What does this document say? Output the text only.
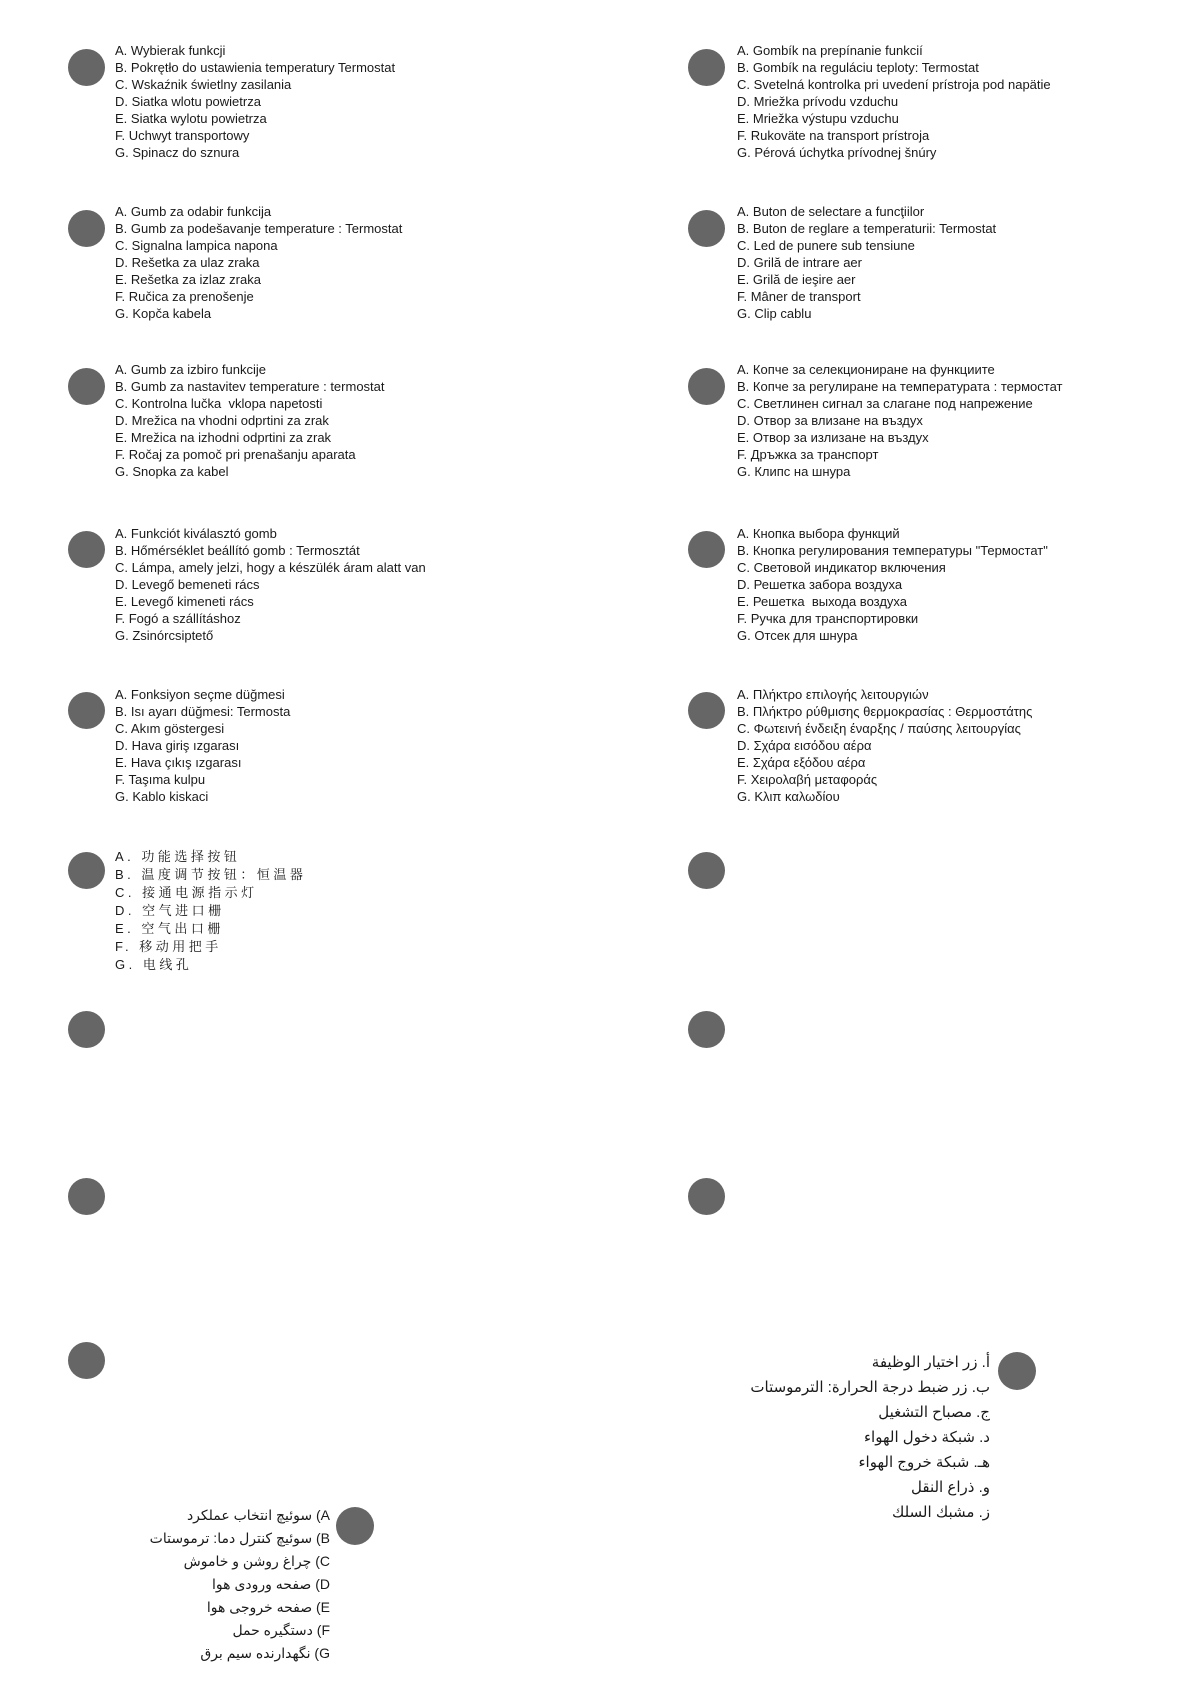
A. Wybierak funkcji
B. Pokrętło do ustawienia temperatury Termostat
C. Wskaźnik świetlny zasilania
D. Siatka wlotu powietrza
E. Siatka wylotu powietrza
F. Uchwyt transportowy
G. Spinacz do sznura
A. Gumb za odabir funkcija
B. Gumb za podešavanje temperature : Termostat
C. Signalna lampica napona
D. Rešetka za ulaz zraka
E. Rešetka za izlaz zraka
F. Ručica za prenošenje
G. Kopča kabela
A. Gumb za izbiro funkcije
B. Gumb za nastavitev temperature : termostat
C. Kontrolna lučka  vklopa napetosti
D. Mrežica na vhodni odprtini za zrak
E. Mrežica na izhodni odprtini za zrak
F. Ročaj za pomoč pri prenašanju aparata
G. Snopka za kabel
A. Funkciót kiválasztó gomb
B. Hőmérséklet beállító gomb : Termosztát
C. Lámpa, amely jelzi, hogy a készülék áram alatt van
D. Levegő bemeneti rács
E. Levegő kimeneti rács
F. Fogó a szállításhoz
G. Zsinórcsiptető
A. Fonksiyon seçme düğmesi
B. Isı ayarı düğmesi: Termosta
C. Akım göstergesi
D. Hava giriş ızgarası
E. Hava çıkış ızgarası
F. Taşıma kulpu
G. Kablo kiskaci
A. 功能选择按钮
B. 温度调节按钮：恒温器
C. 接通电源指示灯
D. 空气进口栅
E. 空气出口栅
F. 移动用把手
G. 电线孔
A. Gombík na prepínanie funkcií
B. Gombík na reguláciu teploty: Termostat
C. Svetelná kontrolka pri uvedení prístroja pod napätie
D. Mriežka prívodu vzduchu
E. Mriežka výstupu vzduchu
F. Rukoväte na transport prístroja
G. Pérová úchytka prívodnej šnúry
A. Buton de selectare a funcţiilor
B. Buton de reglare a temperaturii: Termostat
C. Led de punere sub tensiune
D. Grilă de intrare aer
E. Grilă de ieşire aer
F. Mâner de transport
G. Clip cablu
A. Копче за селекциониране на функциите
B. Копче за регулиране на температурата : термостат
C. Светлинен сигнал за слагане под напрежение
D. Отвор за влизане на въздух
E. Отвор за излизане на въздух
F. Дръжка за транспорт
G. Клипс на шнура
A. Кнопка выбора функций
B. Кнопка регулирования температуры "Термостат"
C. Световой индикатор включения
D. Решетка забора воздуха
E. Решетка  выхода воздуха
F. Ручка для транспортировки
G. Отсек для шнура
A. Πλήκτρο επιλογής λειτουργιών
B. Πλήκτρο ρύθμισης θερμοκρασίας : Θερμοστάτης
C. Φωτεινή ένδειξη έναρξης / παύσης λειτουργίας
D. Σχάρα εισόδου αέρα
E. Σχάρα εξόδου αέρα
F. Χειρολαβή μεταφοράς
G. Κλιπ καλωδίου
أ. زر اختيار الوظيفة
ب. زر ضبط درجة الحرارة: الترموستات
ج. مصباح التشغيل
د. شبكة دخول الهواء
هـ. شبكة خروج الهواء
و. ذراع النقل
ز. مشبك السلك
سوئیچ انتخاب عملکرد (A
سوئیچ کنترل دما: ترموستات (B
چراغ روشن و خاموش (C
صفحه ورودی هوا (D
صفحه خروجی هوا (E
دستگیره حمل (F
نگهدارنده سیم برق (G
